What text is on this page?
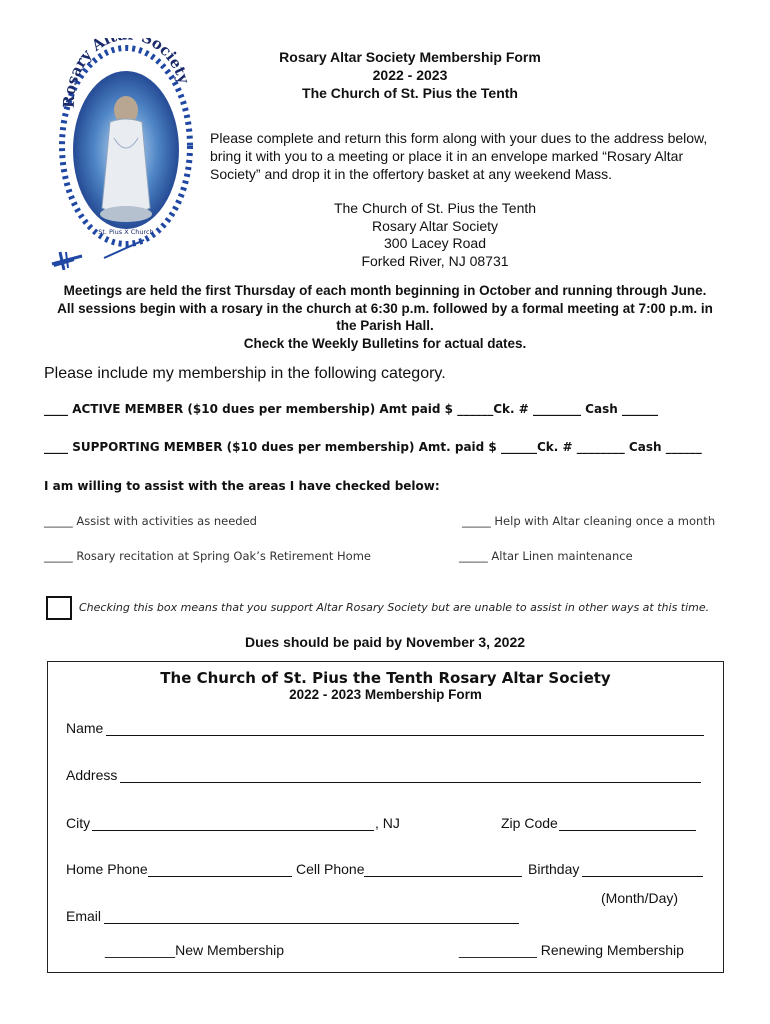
Rosary Al Society
St. Pius X Church
Rosary Altar Society Membership Form
2022 - 2023
The Church of St. Pius the Tenth
Please complete and return this form along with your dues to the address below,
bring it with you to a meeting or place it in an envelope marked “Rosary Altar
Society” and drop it in the offertory basket at any weekend Mass.
The Church of St. Pius the Tenth
Rosary Altar Society
300 Lacey Road
Forked River, NJ 08731
Meetings are held the first Thursday of each month beginning in October and running through June.
All sessions begin with a rosary in the church at 6:30 p.m. followed by a formal meeting at 7:00 p.m. in
the Parish Hall.
Check the Weekly Bulletins for actual dates.
Please include my membership in the following category.
____ ACTIVE MEMBER ($10 dues per membership) Amt paid $ ______Ck. # ________ Cash ______
____ SUPPORTING MEMBER ($10 dues per membership) Amt. paid $ ______Ck. # ________ Cash ______
I am willing to assist with the areas I have checked below:
_____ Assist with activities as needed	_____ Help with Altar cleaning once a month
_____ Rosary recitation at Spring Oak’s Retirement Home	_____ Altar Linen maintenance
Checking this box means that you support Altar Rosary Society but are unable to assist in other ways at this time.
Dues should be paid by November 3, 2022
The Church of St. Pius the Tenth Rosary Altar Society
2022 - 2023 Membership Form
Name
Address
City	, NJ	Zip Code
Home Phone	Cell Phone	Birthday
(Month/Day)
Email
_________New Membership	__________ Renewing Membership
